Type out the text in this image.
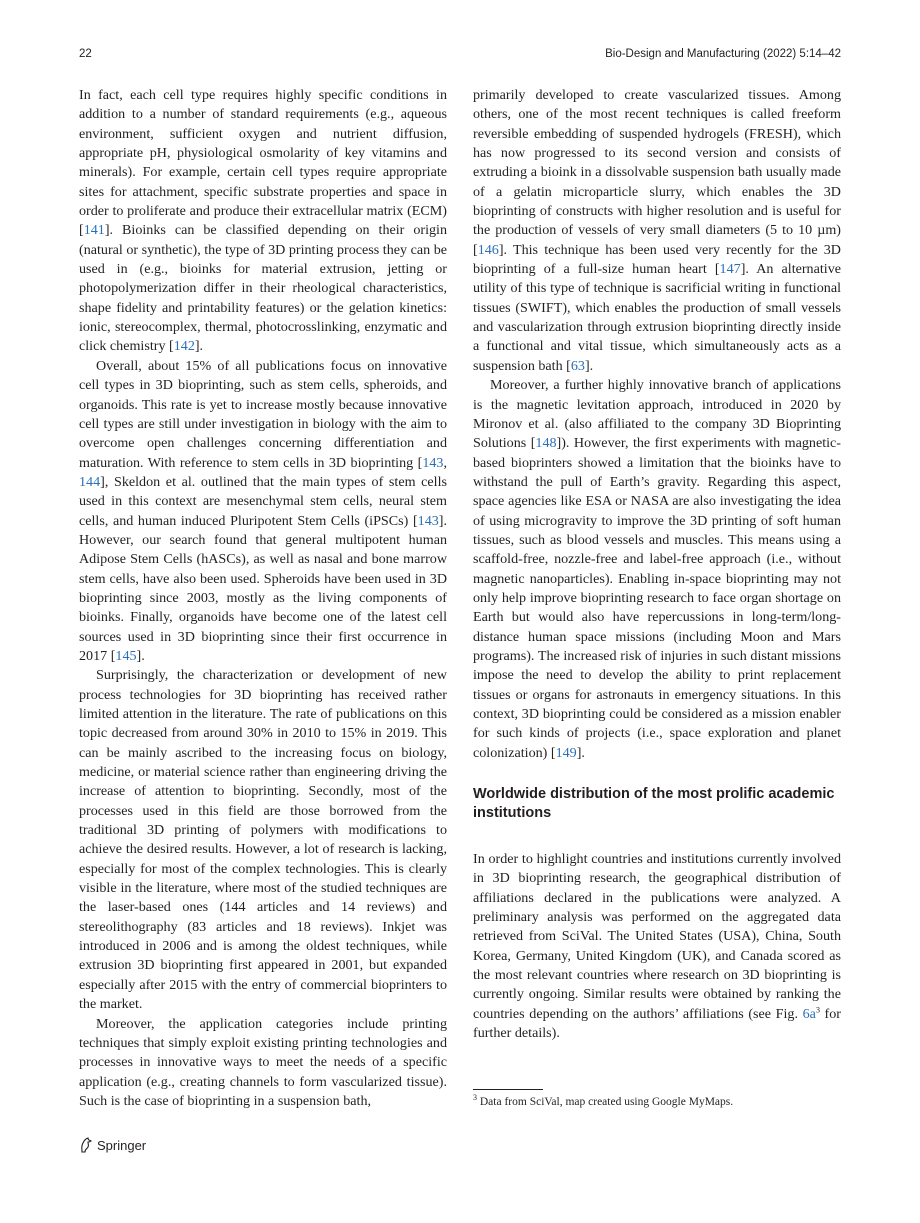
22	Bio-Design and Manufacturing (2022) 5:14–42

In fact, each cell type requires highly specific conditions in addition to a number of standard requirements (e.g., aqueous environment, sufficient oxygen and nutrient diffusion, appropriate pH, physiological osmolarity of key vitamins and minerals). For example, certain cell types require appropriate sites for attachment, specific substrate properties and space in order to proliferate and produce their extracellular matrix (ECM) [141]. Bioinks can be classified depending on their origin (natural or synthetic), the type of 3D printing process they can be used in (e.g., bioinks for material extrusion, jetting or photopolymerization differ in their rheological characteristics, shape fidelity and printability features) or the gelation kinetics: ionic, stereocomplex, thermal, photocrosslinking, enzymatic and click chemistry [142].

Overall, about 15% of all publications focus on innovative cell types in 3D bioprinting, such as stem cells, spheroids, and organoids. This rate is yet to increase mostly because innovative cell types are still under investigation in biology with the aim to overcome open challenges concerning differentiation and maturation. With reference to stem cells in 3D bioprinting [143, 144], Skeldon et al. outlined that the main types of stem cells used in this context are mesenchymal stem cells, neural stem cells, and human induced Pluripotent Stem Cells (iPSCs) [143]. However, our search found that general multipotent human Adipose Stem Cells (hASCs), as well as nasal and bone marrow stem cells, have also been used. Spheroids have been used in 3D bioprinting since 2003, mostly as the living components of bioinks. Finally, organoids have become one of the latest cell sources used in 3D bioprinting since their first occurrence in 2017 [145].

Surprisingly, the characterization or development of new process technologies for 3D bioprinting has received rather limited attention in the literature. The rate of publications on this topic decreased from around 30% in 2010 to 15% in 2019. This can be mainly ascribed to the increasing focus on biology, medicine, or material science rather than engineering driving the increase of attention to bioprinting. Secondly, most of the processes used in this field are those borrowed from the traditional 3D printing of polymers with modifications to achieve the desired results. However, a lot of research is lacking, especially for most of the complex technologies. This is clearly visible in the literature, where most of the studied techniques are the laser-based ones (144 articles and 14 reviews) and stereolithography (83 articles and 18 reviews). Inkjet was introduced in 2006 and is among the oldest techniques, while extrusion 3D bioprinting first appeared in 2001, but expanded especially after 2015 with the entry of commercial bioprinters to the market.

Moreover, the application categories include printing techniques that simply exploit existing printing technologies and processes in innovative ways to meet the needs of a specific application (e.g., creating channels to form vascularized tissue). Such is the case of bioprinting in a suspension bath,

primarily developed to create vascularized tissues. Among others, one of the most recent techniques is called freeform reversible embedding of suspended hydrogels (FRESH), which has now progressed to its second version and consists of extruding a bioink in a dissolvable suspension bath usually made of a gelatin microparticle slurry, which enables the 3D bioprinting of constructs with higher resolution and is useful for the production of vessels of very small diameters (5 to 10 µm) [146]. This technique has been used very recently for the 3D bioprinting of a full-size human heart [147]. An alternative utility of this type of technique is sacrificial writing in functional tissues (SWIFT), which enables the production of small vessels and vascularization through extrusion bioprinting directly inside a functional and vital tissue, which simultaneously acts as a suspension bath [63].

Moreover, a further highly innovative branch of applications is the magnetic levitation approach, introduced in 2020 by Mironov et al. (also affiliated to the company 3D Bioprinting Solutions [148]). However, the first experiments with magnetic-based bioprinters showed a limitation that the bioinks have to withstand the pull of Earth’s gravity. Regarding this aspect, space agencies like ESA or NASA are also investigating the idea of using microgravity to improve the 3D printing of soft human tissues, such as blood vessels and muscles. This means using a scaffold-free, nozzle-free and label-free approach (i.e., without magnetic nanoparticles). Enabling in-space bioprinting may not only help improve bioprinting research to face organ shortage on Earth but would also have repercussions in long-term/long-distance human space missions (including Moon and Mars programs). The increased risk of injuries in such distant missions impose the need to develop the ability to print replacement tissues or organs for astronauts in emergency situations. In this context, 3D bioprinting could be considered as a mission enabler for such kinds of projects (i.e., space exploration and planet colonization) [149].

Worldwide distribution of the most prolific academic institutions

In order to highlight countries and institutions currently involved in 3D bioprinting research, the geographical distribution of affiliations declared in the publications were analyzed. A preliminary analysis was performed on the aggregated data retrieved from SciVal. The United States (USA), China, South Korea, Germany, United Kingdom (UK), and Canada scored as the most relevant countries where research on 3D bioprinting is currently ongoing. Similar results were obtained by ranking the countries depending on the authors’ affiliations (see Fig. $6a^3$ for further details).

$^3$ Data from SciVal, map created using Google MyMaps.
Springer
